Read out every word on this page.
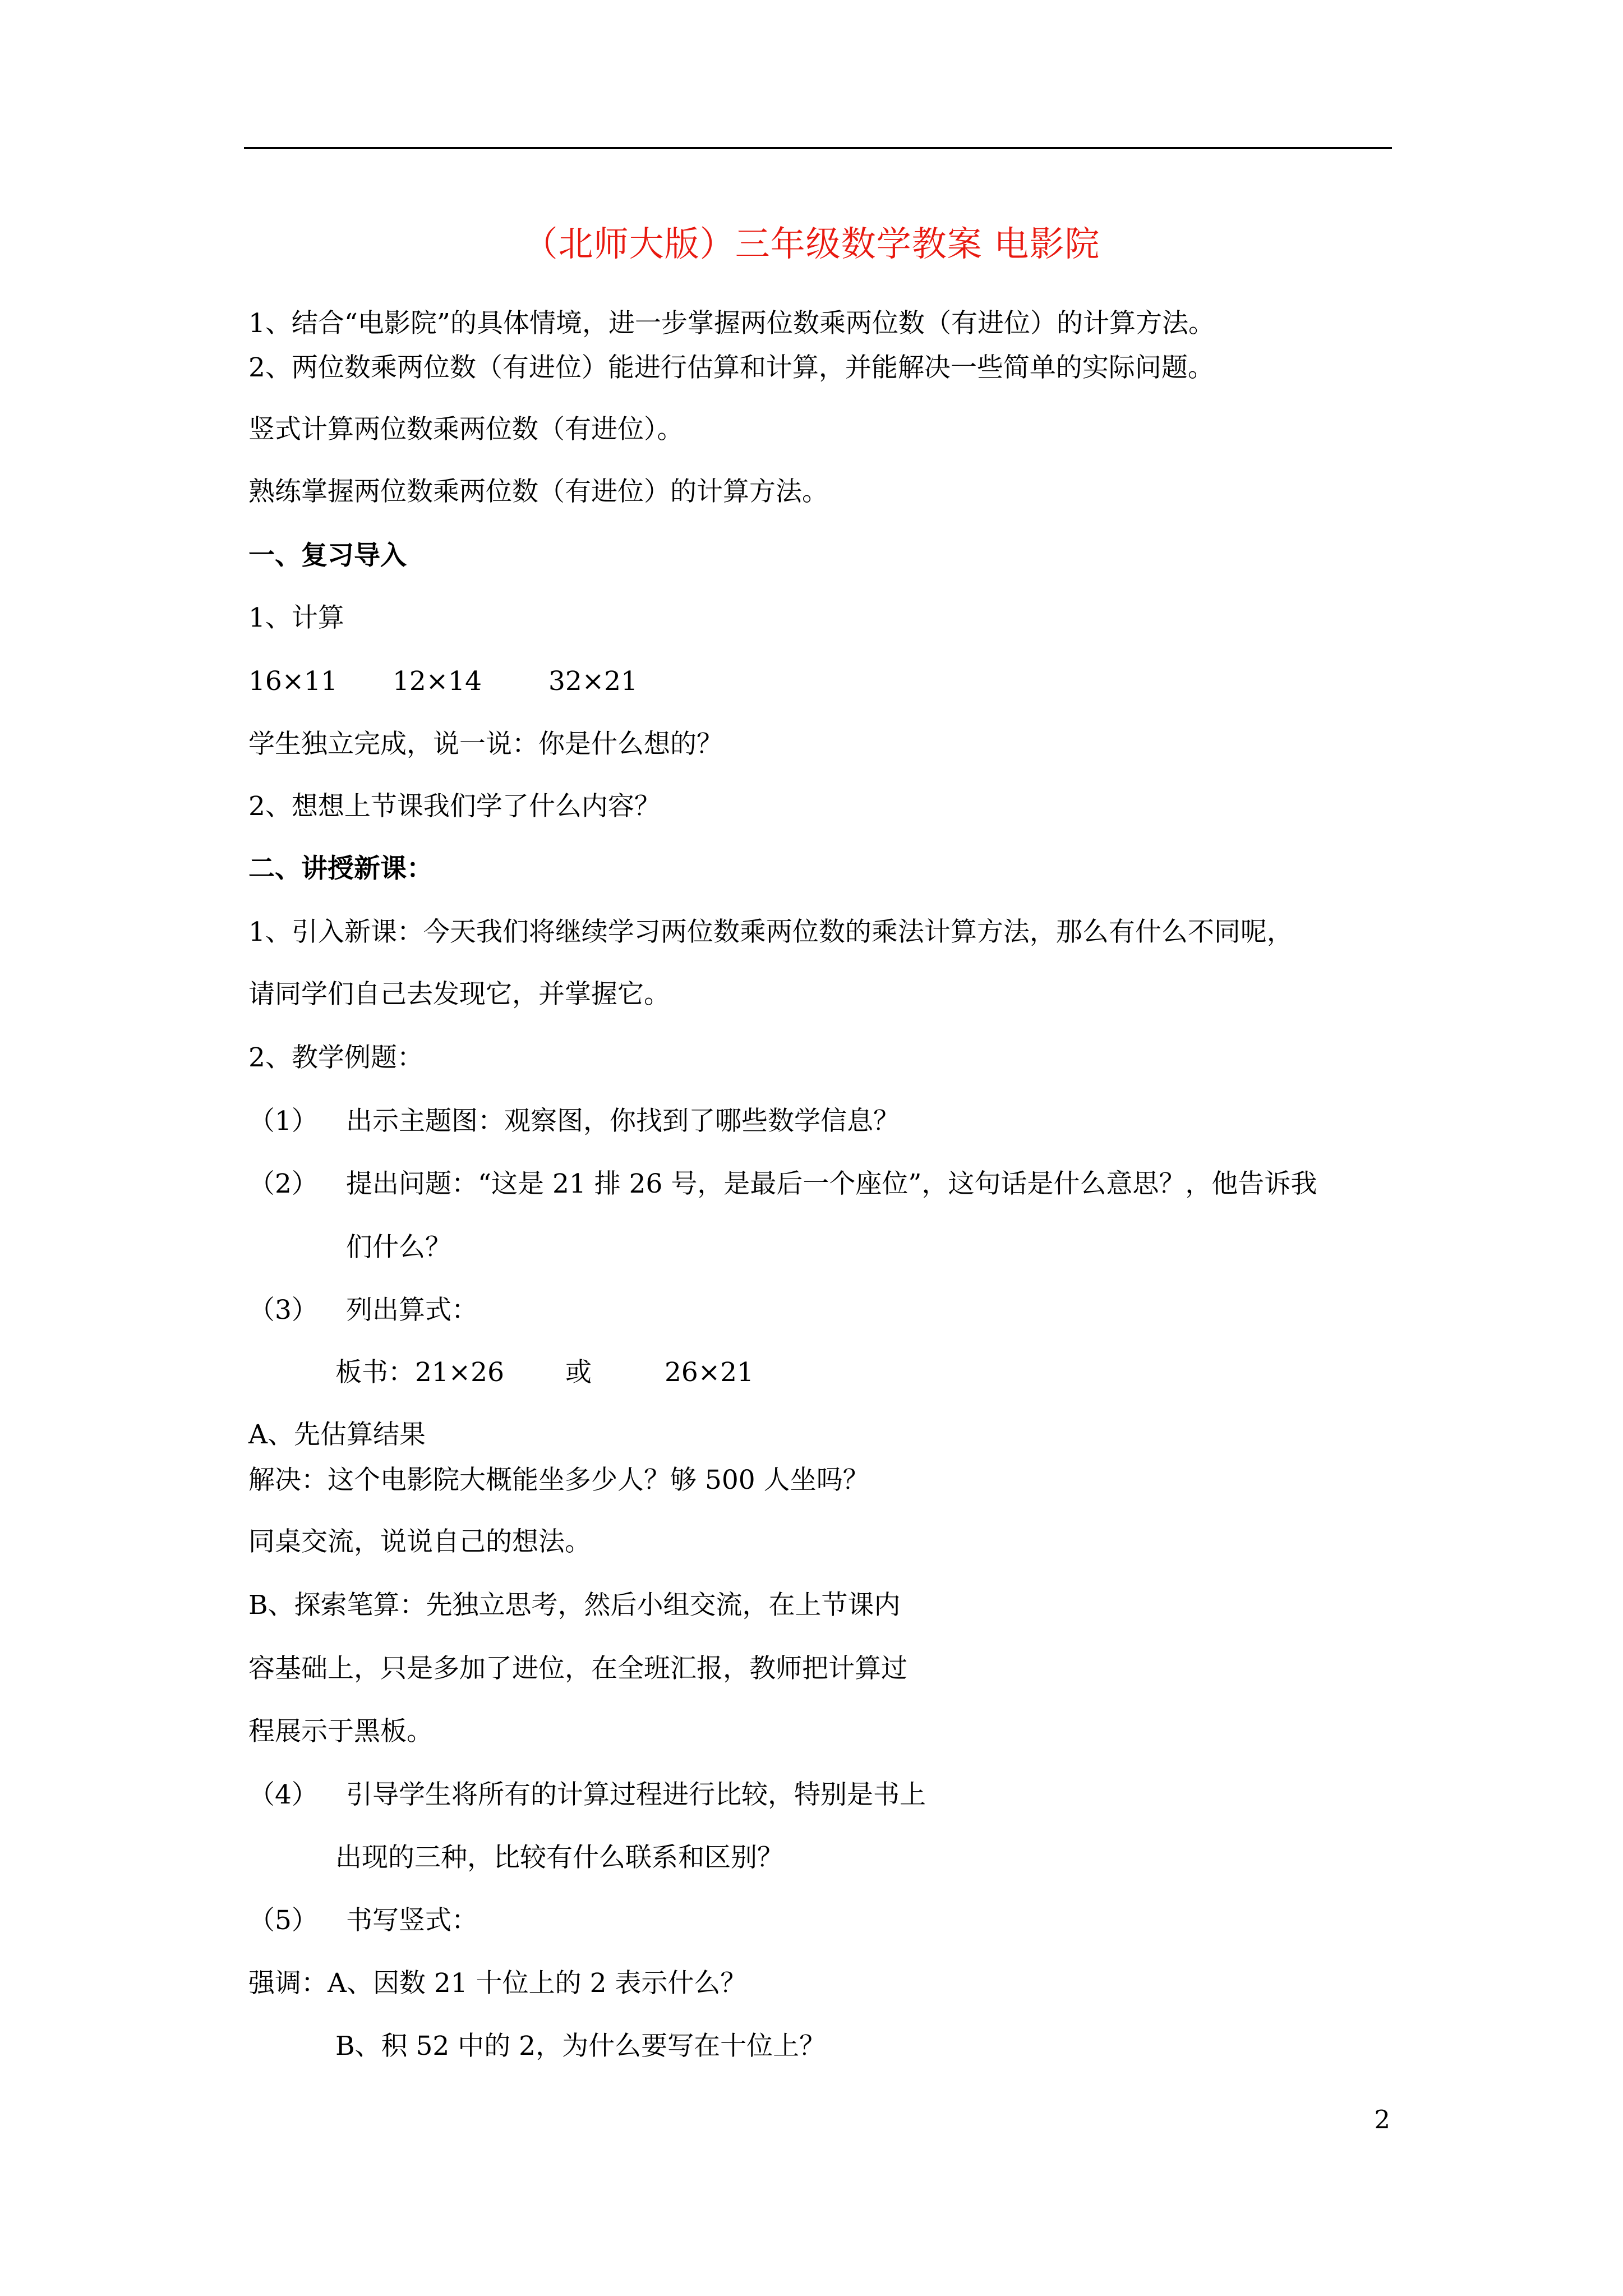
（北师大版）三年级数学教案 电影院
1、结合“电影院”的具体情境，进一步掌握两位数乘两位数（有进位）的计算方法。
2、两位数乘两位数（有进位）能进行估算和计算，并能解决一些简单的实际问题。
竖式计算两位数乘两位数（有进位）。
熟练掌握两位数乘两位数（有进位）的计算方法。
一、复习导入
1、计算
16×11 12×14	32×21
学生独立完成，说一说：你是什么想的？
2、想想上节课我们学了什么内容？
二、讲授新课：
1、引入新课：今天我们将继续学习两位数乘两位数的乘法计算方法，那么有什么不同呢，
请同学们自己去发现它，并掌握它。
2、教学例题：
（1） 出示主题图：观察图，你找到了哪些数学信息？
（2） 提出问题：“这是 21 排 26 号，是最后一个座位”，这句话是什么意思？，他告诉我
们什么？
（3） 列出算式：
板书： 21×26 或	26×21
A、先估算结果
解决：这个电影院大概能坐多少人？够 500 人坐吗？
同桌交流，说说自己的想法。
B、探索笔算：先独立思考，然后小组交流，在上节课内
容基础上，只是多加了进位，在全班汇报，教师把计算过
程展示于黑板。
（4） 引导学生将所有的计算过程进行比较，特别是书上
出现的三种，比较有什么联系和区别？
（5） 书写竖式：
强调：A、因数 21 十位上的 2 表示什么？
B、积 52 中的 2，为什么要写在十位上？
2
